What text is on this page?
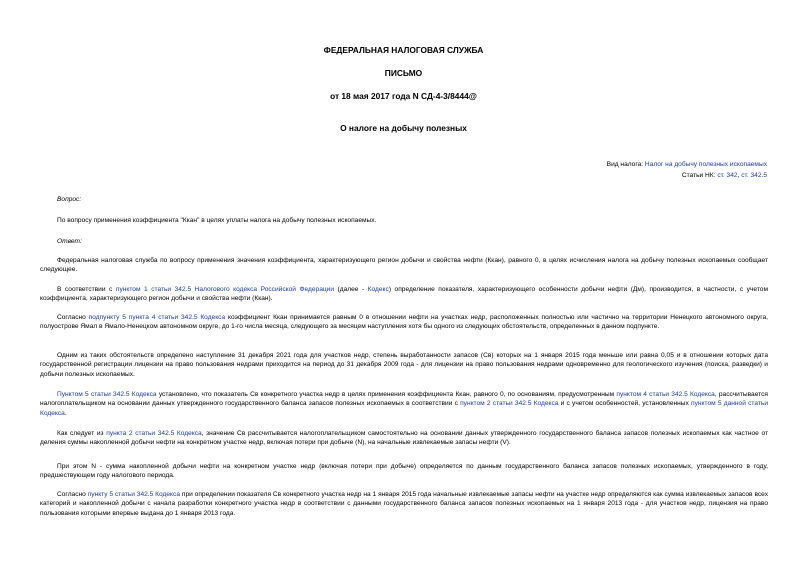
ФЕДЕРАЛЬНАЯ НАЛОГОВАЯ СЛУЖБА

ПИСЬМО

от 18 мая 2017 года N СД-4-3/8444@

О налоге на добычу полезных

Вид налога: Налог на добычу полезных ископаемых

Статьи НК: ст. 342, ст. 342.5

Вопрос:

По вопросу применения коэффициента "Ккан" в целях уплаты налога на добычу полезных ископаемых.

Ответ:

Федеральная налоговая служба по вопросу применения значения коэффициента, характеризующего регион добычи и свойства нефти (Ккан), равного 0, в целях исчисления налога на добычу полезных ископаемых сообщает следующее.

В соответствии с пунктом 1 статьи 342.5 Налогового кодекса Российской Федерации (далее - Кодекс) определение показателя, характеризующего особенности добычи нефти (Дм), производится, в частности, с учетом коэффициента, характеризующего регион добычи и свойства нефти (Ккан).

Согласно подпункту 5 пункта 4 статьи 342.5 Кодекса коэффициент Ккан принимается равным 0 в отношении нефти на участках недр, расположенных полностью или частично на территории Ненецкого автономного округа, полуострове Ямал в Ямало-Ненецком автономном округе, до 1-го числа месяца, следующего за месяцем наступления хотя бы одного из следующих обстоятельств, определенных в данном подпункте.

Одним из таких обстоятельств определено наступление 31 декабря 2021 года для участков недр, степень выработанности запасов (Св) которых на 1 января 2015 года меньше или равна 0,05 и в отношении которых дата государственной регистрации лицензии на право пользования недрами приходится на период до 31 декабря 2009 года - для лицензии на право пользования недрами одновременно для геологического изучения (поиска, разведки) и добычи полезных ископаемых.

Пунктом 5 статьи 342.5 Кодекса установлено, что показатель Св конкретного участка недр в целях применения коэффициента Ккан, равного 0, по основаниям, предусмотренным пунктом 4 статьи 342.5 Кодекса, рассчитывается налогоплательщиком на основании данных утвержденного государственного баланса запасов полезных ископаемых в соответствии с пунктом 2 статьи 342.5 Кодекса и с учетом особенностей, установленных пунктом 5 данной статьи Кодекса.

Как следует из пункта 2 статьи 342.5 Кодекса, значение Св рассчитывается налогоплательщиком самостоятельно на основании данных утвержденного государственного баланса запасов полезных ископаемых как частное от деления суммы накопленной добычи нефти на конкретном участке недр, включая потери при добыче (N), на начальные извлекаемые запасы нефти (V).

При этом N - сумма накопленной добычи нефти на конкретном участке недр (включая потери при добыче) определяется по данным государственного баланса запасов полезных ископаемых, утвержденного в году, предшествующем году налогового периода.

Согласно пункту 5 статьи 342.5 Кодекса при определении показателя Св конкретного участка недр на 1 января 2015 года начальные извлекаемые запасы нефти на участке недр определяются как сумма извлекаемых запасов всех категорий и накопленной добычи с начала разработки конкретного участка недр в соответствии с данными государственного баланса запасов полезных ископаемых на 1 января 2013 года - для участков недр, лицензия на право пользования которыми впервые выдана до 1 января 2013 года.
